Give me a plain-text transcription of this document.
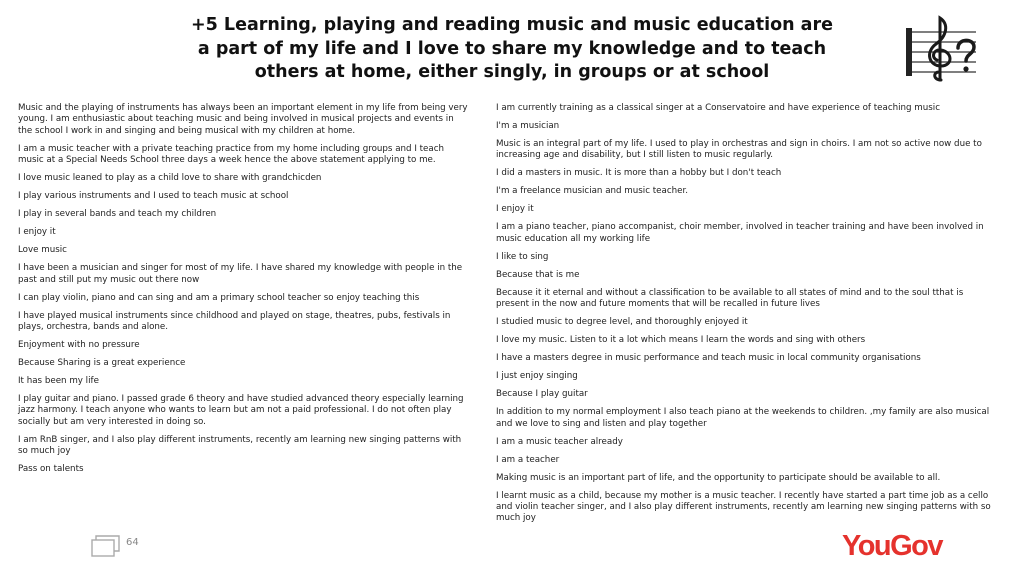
+5 Learning, playing and reading music and music education are a part of my life and I love to share my knowledge and to teach others at home, either singly, in groups or at school

Music and the playing of instruments has always been an important element in my life from being very young. I am enthusiastic about teaching music and being involved in musical projects and events in the school I work in and singing and being musical with my children at home.

I am a music teacher with a private teaching practice from my home including groups and I teach music at a Special Needs School three days a week hence the above statement applying to me.

I love music leaned to play as a child love to share with grandchicden

I play various instruments and I used to teach music at school

I play in several bands and teach my children

I enjoy it

Love music

I have been a musician and singer for most of my life. I have shared my knowledge with people in the past and still put my music out there now

I can play violin, piano and can sing and am a primary school teacher so enjoy teaching this

I have played musical instruments since childhood and played on stage, theatres, pubs, festivals in plays, orchestra, bands and alone.

Enjoyment with no pressure

Because Sharing is a great experience

It has been my life

I play guitar and piano. I passed grade 6 theory and have studied advanced theory especially learning jazz harmony. I teach anyone who wants to learn but am not a paid professional. I do not often play socially but am very interested in doing so.

I am RnB singer, and I also play different instruments, recently am learning new singing patterns with so much joy

Pass on talents

I am currently training as a classical singer at a Conservatoire and have experience of teaching music

I'm a musician

Music is an integral part of my life. I used to play in orchestras and sign in choirs. I am not so active now due to increasing age and disability, but I still listen to music regularly.

I did a masters in music. It is more than a hobby but I don't teach

I'm a freelance musician and music teacher.

I enjoy it

I am a piano teacher, piano accompanist, choir member, involved in teacher training and have been involved in music education all my working life

I like to sing

Because that is me

Because it it eternal and without a classification to be available to all states of mind and to the soul tthat is present in the now and future moments that will be recalled in future lives

I studied music to degree level, and thoroughly enjoyed it

I love my music. Listen to it a lot which means I learn the words and sing with others

I have a masters degree in music performance and teach music in local community organisations

I just enjoy singing

Because I play guitar

In addition to my normal employment I also teach piano at the weekends to children. ,my family are also musical and we love to sing and listen and play together

I am a music teacher already

I am a teacher

Making music is an important part of life, and the opportunity to participate should be available to all.

I learnt music as a child, because my mother is a music teacher. I recently have started a part time job as a cello and violin teacher singer, and I also play different instruments, recently am learning new singing patterns with so much joy

64	YouGov
